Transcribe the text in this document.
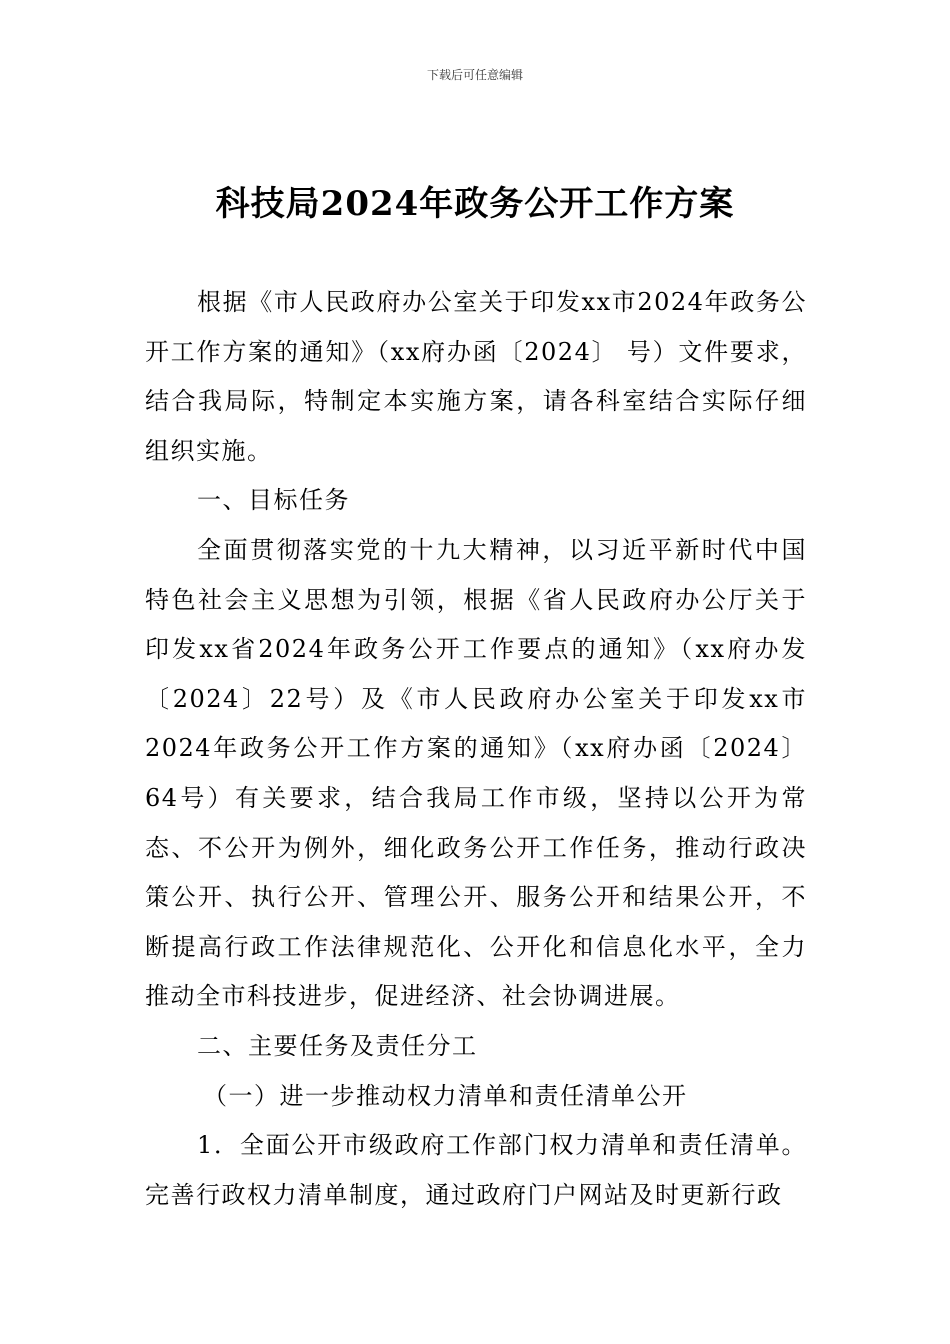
下载后可任意编辑
科技局2024年政务公开工作方案

根据《市人民政府办公室关于印发xx市2024年政务公开工作方案的通知》（xx府办函〔2024〕 号）文件要求，结合我局际，特制定本实施方案，请各科室结合实际仔细组织实施。

一、目标任务

全面贯彻落实党的十九大精神，以习近平新时代中国特色社会主义思想为引领，根据《省人民政府办公厅关于印发xx省2024年政务公开工作要点的通知》（xx府办发〔2024〕22号）及《市人民政府办公室关于印发xx市2024年政务公开工作方案的通知》（xx府办函〔2024〕64号）有关要求，结合我局工作市级，坚持以公开为常态、不公开为例外，细化政务公开工作任务，推动行政决策公开、执行公开、管理公开、服务公开和结果公开，不断提高行政工作法律规范化、公开化和信息化水平，全力推动全市科技进步，促进经济、社会协调进展。

二、主要任务及责任分工

（一）进一步推动权力清单和责任清单公开

1．全面公开市级政府工作部门权力清单和责任清单。完善行政权力清单制度，通过政府门户网站及时更新行政
